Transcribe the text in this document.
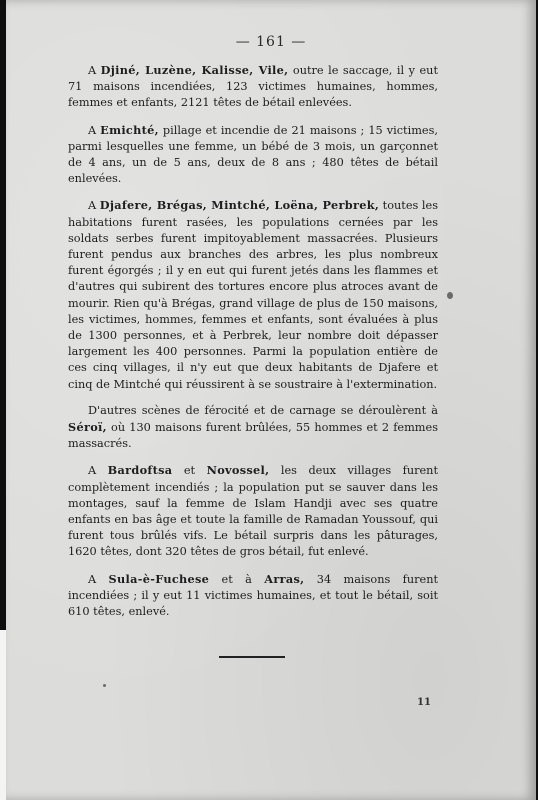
— 161 —

A Djiné, Luzène, Kalisse, Vile, outre le saccage, il y eut 71 maisons incendiées, 123 victimes humaines, hommes, femmes et enfants, 2121 têtes de bétail enlevées.

A Emichté, pillage et incendie de 21 maisons ; 15 victimes, parmi lesquelles une femme, un bébé de 3 mois, un garçonnet de 4 ans, un de 5 ans, deux de 8 ans ; 480 têtes de bétail enlevées.

A Djafere, Brégas, Mintché, Loëna, Perbrek, toutes les habitations furent rasées, les populations cernées par les soldats serbes furent impitoyablement massacrées. Plusieurs furent pendus aux branches des arbres, les plus nombreux furent égorgés ; il y en eut qui furent jetés dans les flammes et d'autres qui subirent des tortures encore plus atroces avant de mourir. Rien qu'à Brégas, grand village de plus de 150 maisons, les victimes, hommes, femmes et enfants, sont évaluées à plus de 1300 personnes, et à Perbrek, leur nombre doit dépasser largement les 400 personnes. Parmi la population entière de ces cinq villages, il n'y eut que deux habitants de Djafere et cinq de Mintché qui réussirent à se soustraire à l'extermination.

D'autres scènes de férocité et de carnage se déroulèrent à Séroï, où 130 maisons furent brûlées, 55 hommes et 2 femmes massacrés.

A Bardoftsa et Novossel, les deux villages furent complètement incendiés ; la population put se sauver dans les montages, sauf la femme de Islam Handji avec ses quatre enfants en bas âge et toute la famille de Ramadan Youssouf, qui furent tous brûlés vifs. Le bétail surpris dans les pâturages, 1620 têtes, dont 320 têtes de gros bétail, fut enlevé.

A Sula-è-Fuchese et à Arras, 34 maisons furent incendiées ; il y eut 11 victimes humaines, et tout le bétail, soit 610 têtes, enlevé.

11
